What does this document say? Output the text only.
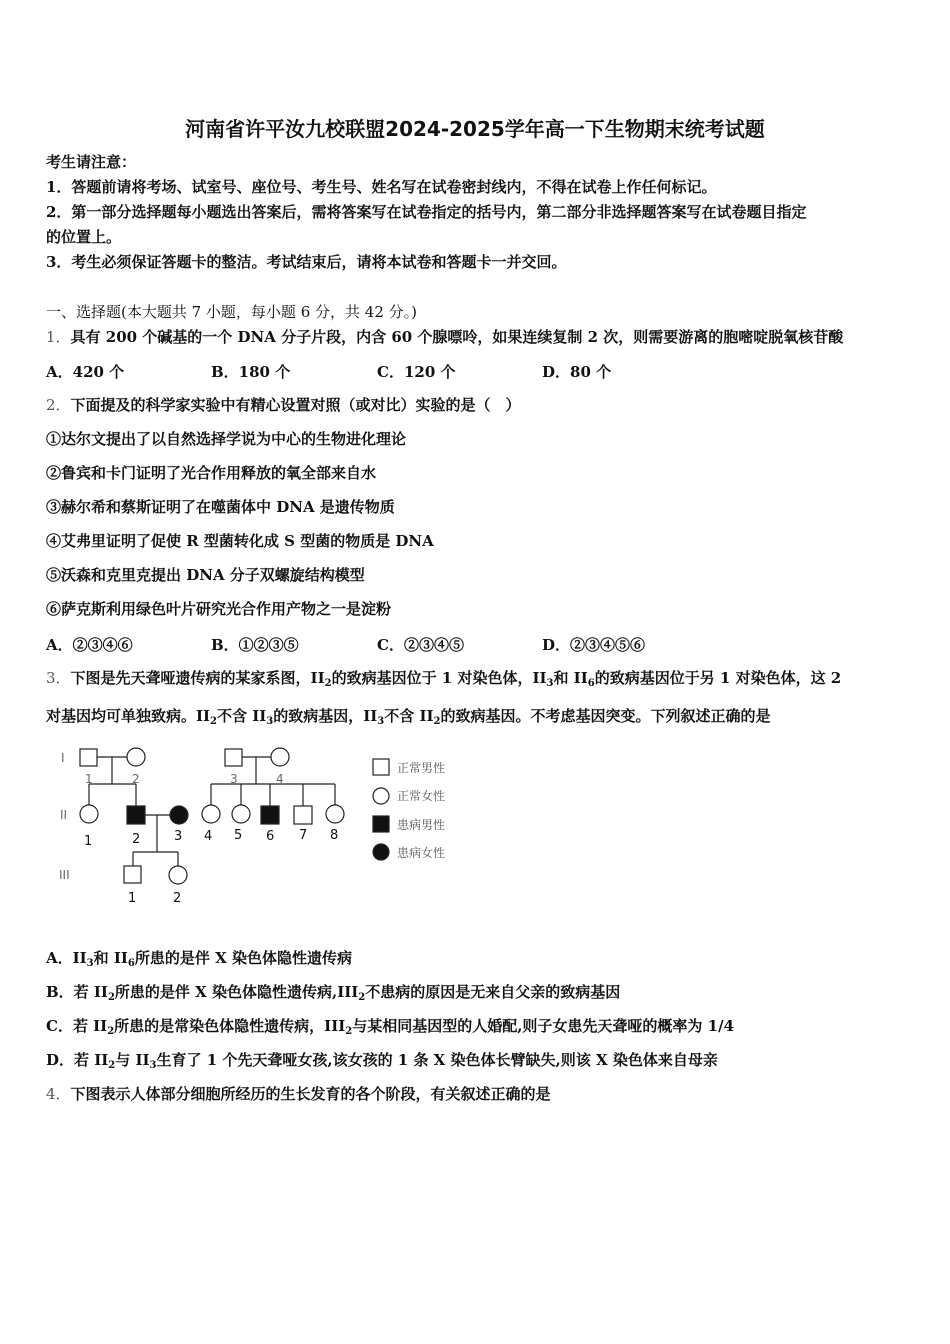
河南省许平汝九校联盟2024-2025学年高一下生物期末统考试题
考生请注意：
1．答题前请将考场、试室号、座位号、考生号、姓名写在试卷密封线内，不得在试卷上作任何标记。
2．第一部分选择题每小题选出答案后，需将答案写在试卷指定的括号内，第二部分非选择题答案写在试卷题目指定
的位置上。
3．考生必须保证答题卡的整洁。考试结束后，请将本试卷和答题卡一并交回。
一、选择题(本大题共 7 小题，每小题 6 分，共 42 分。)
1．具有 200 个碱基的一个 DNA 分子片段，内含 60 个腺嘌呤，如果连续复制 2 次，则需要游离的胞嘧啶脱氧核苷酸
A．420 个	B．180 个	C．120 个	D．80 个
2．下面提及的科学家实验中有精心设置对照（或对比）实验的是（　）
①达尔文提出了以自然选择学说为中心的生物进化理论
②鲁宾和卡门证明了光合作用释放的氧全部来自水
③赫尔希和蔡斯证明了在噬菌体中 DNA 是遗传物质
④艾弗里证明了促使 R 型菌转化成 S 型菌的物质是 DNA
⑤沃森和克里克提出 DNA 分子双螺旋结构模型
⑥萨克斯利用绿色叶片研究光合作用产物之一是淀粉
A．②③④⑥	B．①②③⑤	C．②③④⑤	D．②③④⑤⑥
3．下图是先天聋哑遗传病的某家系图，$II_2$的致病基因位于 1 对染色体，$II_3$和 $II_6$的致病基因位于另 1 对染色体，这 2
对基因均可单独致病。$II_2$不含 $II_3$的致病基因，$II_3$不含 $II_2$的致病基因。不考虑基因突变。下列叙述正确的是
I
II
III
1	2	3	4
1	2	3 4 5 6 7 8
1	2
正常男性
正常女性
患病男性
患病女性
A．$II_3$和 $II_6$所患的是伴 X 染色体隐性遗传病
B．若 $II_2$所患的是伴 X 染色体隐性遗传病$,III_2$不患病的原因是无来自父亲的致病基因
C．若 $II_2$所患的是常染色体隐性遗传病，$III_2$与某相同基因型的人婚配,则子女患先天聋哑的概率为 1/4
D．若 $II_2$与 $II_3$生育了 1 个先天聋哑女孩,该女孩的 1 条 X 染色体长臂缺失,则该 X 染色体来自母亲
4．下图表示人体部分细胞所经历的生长发育的各个阶段，有关叙述正确的是
